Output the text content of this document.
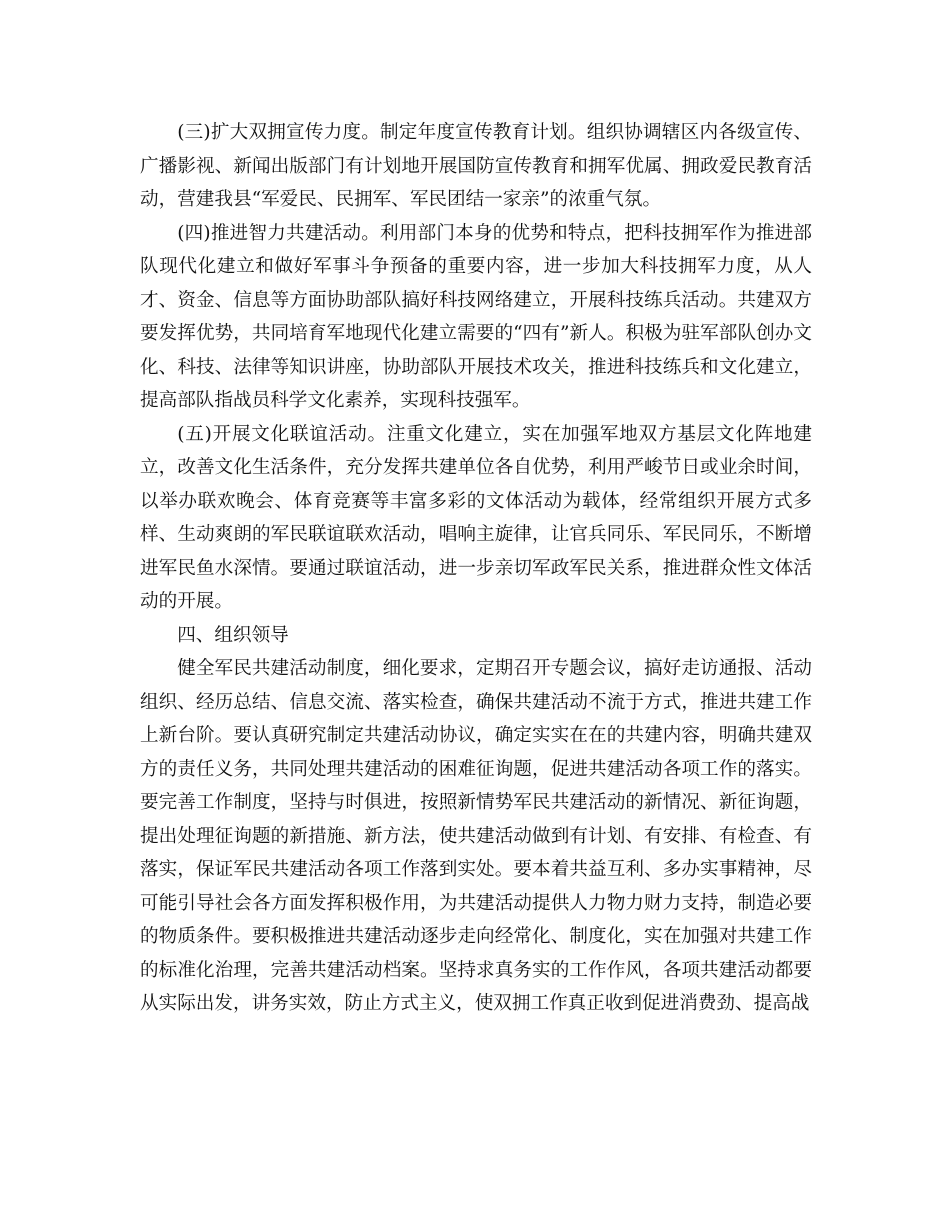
(三)扩大双拥宣传力度。制定年度宣传教育计划。组织协调辖区内各级宣传、广播影视、新闻出版部门有计划地开展国防宣传教育和拥军优属、拥政爱民教育活动，营建我县“军爱民、民拥军、军民团结一家亲”的浓重气氛。

(四)推进智力共建活动。利用部门本身的优势和特点，把科技拥军作为推进部队现代化建立和做好军事斗争预备的重要内容，进一步加大科技拥军力度，从人才、资金、信息等方面协助部队搞好科技网络建立，开展科技练兵活动。共建双方要发挥优势，共同培育军地现代化建立需要的“四有”新人。积极为驻军部队创办文化、科技、法律等知识讲座，协助部队开展技术攻关，推进科技练兵和文化建立，提高部队指战员科学文化素养，实现科技强军。

(五)开展文化联谊活动。注重文化建立，实在加强军地双方基层文化阵地建立，改善文化生活条件，充分发挥共建单位各自优势，利用严峻节日或业余时间，以举办联欢晚会、体育竞赛等丰富多彩的文体活动为载体，经常组织开展方式多样、生动爽朗的军民联谊联欢活动，唱响主旋律，让官兵同乐、军民同乐，不断增进军民鱼水深情。要通过联谊活动，进一步亲切军政军民关系，推进群众性文体活动的开展。

四、组织领导

健全军民共建活动制度，细化要求，定期召开专题会议，搞好走访通报、活动组织、经历总结、信息交流、落实检查，确保共建活动不流于方式，推进共建工作上新台阶。要认真研究制定共建活动协议，确定实实在在的共建内容，明确共建双方的责任义务，共同处理共建活动的困难征询题，促进共建活动各项工作的落实。要完善工作制度，坚持与时俱进，按照新情势军民共建活动的新情况、新征询题，提出处理征询题的新措施、新方法，使共建活动做到有计划、有安排、有检查、有落实，保证军民共建活动各项工作落到实处。要本着共益互利、多办实事精神，尽可能引导社会各方面发挥积极作用，为共建活动提供人力物力财力支持，制造必要的物质条件。要积极推进共建活动逐步走向经常化、制度化，实在加强对共建工作的标准化治理，完善共建活动档案。坚持求真务实的工作作风，各项共建活动都要从实际出发，讲务实效，防止方式主义，使双拥工作真正收到促进消费劲、提高战
